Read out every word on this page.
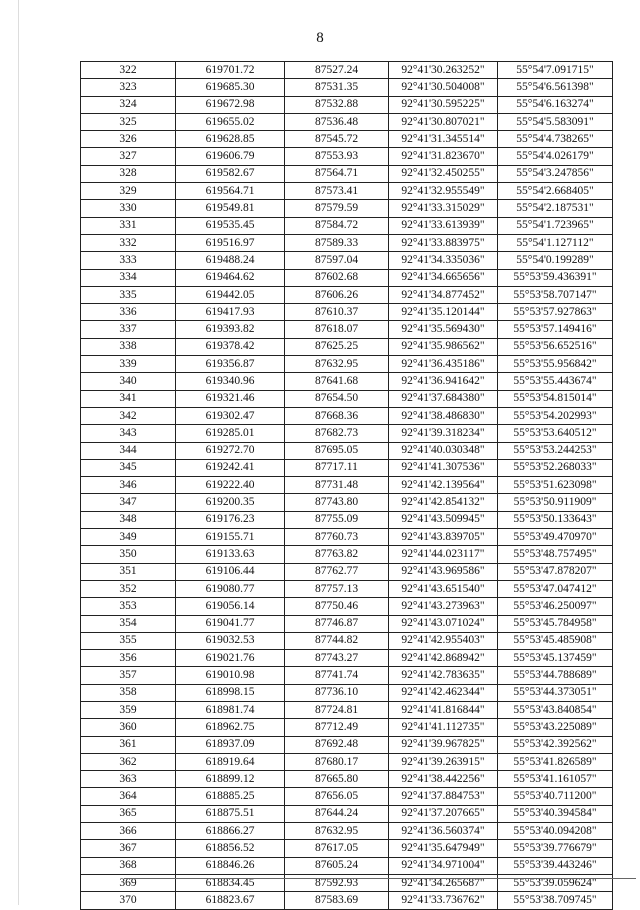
8
322	619701.72	87527.24	92°41'30.263252"	55°54'7.091715"
323	619685.30	87531.35	92°41'30.504008"	55°54'6.561398"
324	619672.98	87532.88	92°41'30.595225"	55°54'6.163274"
325	619655.02	87536.48	92°41'30.807021"	55°54'5.583091"
326	619628.85	87545.72	92°41'31.345514"	55°54'4.738265"
327	619606.79	87553.93	92°41'31.823670"	55°54'4.026179"
328	619582.67	87564.71	92°41'32.450255"	55°54'3.247856"
329	619564.71	87573.41	92°41'32.955549"	55°54'2.668405"
330	619549.81	87579.59	92°41'33.315029"	55°54'2.187531"
331	619535.45	87584.72	92°41'33.613939"	55°54'1.723965"
332	619516.97	87589.33	92°41'33.883975"	55°54'1.127112"
333	619488.24	87597.04	92°41'34.335036"	55°54'0.199289"
334	619464.62	87602.68	92°41'34.665656"	55°53'59.436391"
335	619442.05	87606.26	92°41'34.877452"	55°53'58.707147"
336	619417.93	87610.37	92°41'35.120144"	55°53'57.927863"
337	619393.82	87618.07	92°41'35.569430"	55°53'57.149416"
338	619378.42	87625.25	92°41'35.986562"	55°53'56.652516"
339	619356.87	87632.95	92°41'36.435186"	55°53'55.956842"
340	619340.96	87641.68	92°41'36.941642"	55°53'55.443674"
341	619321.46	87654.50	92°41'37.684380"	55°53'54.815014"
342	619302.47	87668.36	92°41'38.486830"	55°53'54.202993"
343	619285.01	87682.73	92°41'39.318234"	55°53'53.640512"
344	619272.70	87695.05	92°41'40.030348"	55°53'53.244253"
345	619242.41	87717.11	92°41'41.307536"	55°53'52.268033"
346	619222.40	87731.48	92°41'42.139564"	55°53'51.623098"
347	619200.35	87743.80	92°41'42.854132"	55°53'50.911909"
348	619176.23	87755.09	92°41'43.509945"	55°53'50.133643"
349	619155.71	87760.73	92°41'43.839705"	55°53'49.470970"
350	619133.63	87763.82	92°41'44.023117"	55°53'48.757495"
351	619106.44	87762.77	92°41'43.969586"	55°53'47.878207"
352	619080.77	87757.13	92°41'43.651540"	55°53'47.047412"
353	619056.14	87750.46	92°41'43.273963"	55°53'46.250097"
354	619041.77	87746.87	92°41'43.071024"	55°53'45.784958"
355	619032.53	87744.82	92°41'42.955403"	55°53'45.485908"
356	619021.76	87743.27	92°41'42.868942"	55°53'45.137459"
357	619010.98	87741.74	92°41'42.783635"	55°53'44.788689"
358	618998.15	87736.10	92°41'42.462344"	55°53'44.373051"
359	618981.74	87724.81	92°41'41.816844"	55°53'43.840854"
360	618962.75	87712.49	92°41'41.112735"	55°53'43.225089"
361	618937.09	87692.48	92°41'39.967825"	55°53'42.392562"
362	618919.64	87680.17	92°41'39.263915"	55°53'41.826589"
363	618899.12	87665.80	92°41'38.442256"	55°53'41.161057"
364	618885.25	87656.05	92°41'37.884753"	55°53'40.711200"
365	618875.51	87644.24	92°41'37.207665"	55°53'40.394584"
366	618866.27	87632.95	92°41'36.560374"	55°53'40.094208"
367	618856.52	87617.05	92°41'35.647949"	55°53'39.776679"
368	618846.26	87605.24	92°41'34.971004"	55°53'39.443246"
369	618834.45	87592.93	92°41'34.265687"	55°53'39.059624"
370	618823.67	87583.69	92°41'33.736762"	55°53'38.709745"
